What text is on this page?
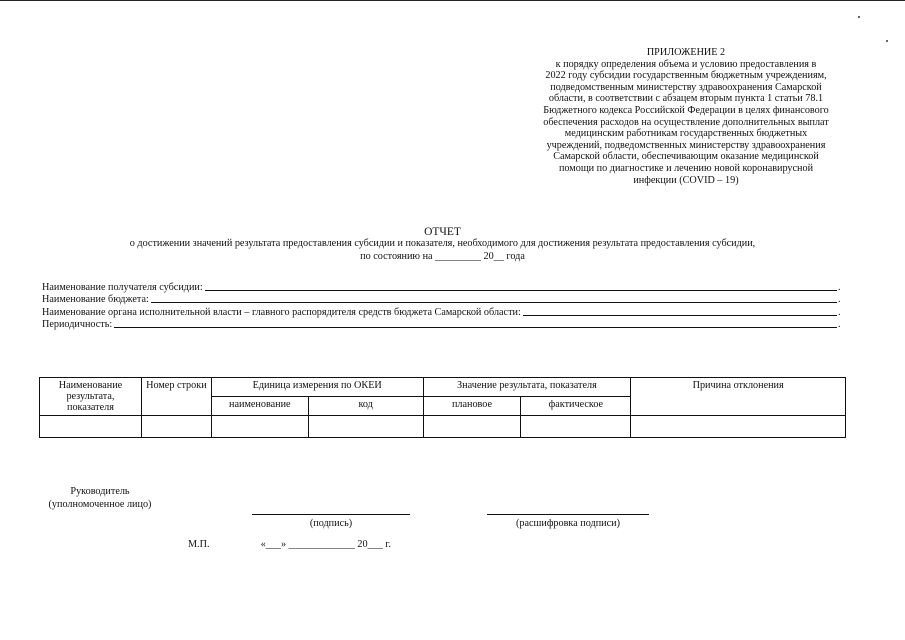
ПРИЛОЖЕНИЕ 2
к порядку определения объема и условию предоставления в
2022 году субсидии государственным бюджетным учреждениям,
подведомственным министерству здравоохранения Самарской
области, в соответствии с абзацем вторым пункта 1 статьи 78.1
Бюджетного кодекса Российской Федерации в целях финансового
обеспечения расходов на осуществление дополнительных выплат
медицинским работникам государственных бюджетных
учреждений, подведомственных министерству здравоохранения
Самарской области, обеспечивающим оказание медицинской
помощи по диагностике и лечению новой коронавирусной
инфекции (COVID – 19)
ОТЧЕТ
о достижении значений результата предоставления субсидии и показателя, необходимого для достижения результата предоставления субсидии,
по состоянию на _________ 20__ года
Наименование получателя субсидии:	.
Наименование бюджета:	.
Наименование органа исполнительной власти – главного распорядителя средств бюджета Самарской области:	.
Периодичность:	.
Наименование результата, показателя	Номер строки	Единица измерения по ОКЕИ		Значение результата, показателя		Причина отклонения
		наименование	код	плановое	фактическое	

Руководитель
(уполномоченное лицо)
(подпись)	(расшифровка подписи)
М.П.	«___» _____________ 20___ г.
